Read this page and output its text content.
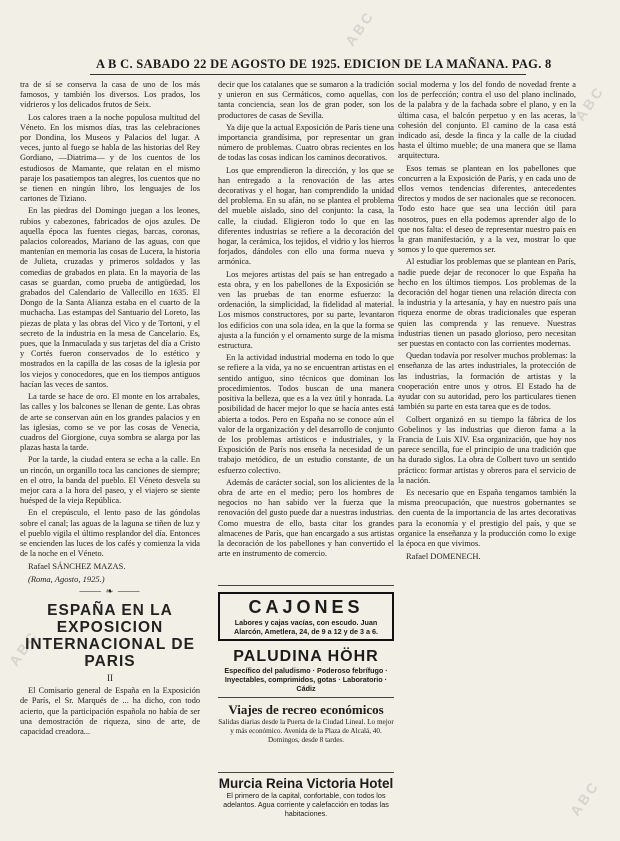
A B C. SABADO 22 DE AGOSTO DE 1925. EDICION DE LA MAÑANA. PAG. 8

tra de sí se conserva la casa de uno de los más famosos, y también los diversos. Los prados, los vidrieros y los delicados frutos de Seix.

Los calores traen a la noche populosa multitud del Véneto. En los mismos días, tras las celebraciones por Dondina, los Museos y Palacios del lugar. A veces, junto al fuego se habla de las historias del Rey Gordiano, —Diatrima— y de los cuentos de los estudiosos de Mamante, que relatan en el mismo paraje los pasatiempos tan alegres, los cuentos que no se tienen en ningún libro, los lenguajes de los cartones de Tiziano.

En las piedras del Domingo juegan a los leones, rubios y cabezones, fabricados de ojos azules. De aquella época las fuentes ciegas, barcas, coronas, palacios coloreados, Mariano de las aguas, con que mantenían en memoria las cosas de Lucera, la historia de Julieta, cruzadas y primeros soldados y las comedias de grabados en plata. En la mayoría de las casas se guardan, como prueba de antigüedad, los grabados del Calendario de Vallecillo en 1635. El Dongo de la Santa Alianza estaba en el cuarto de la muchacha. Las estampas del Santuario del Loreto, las piezas de plata y las obras del Vico y de Tortoni, y el secreto de la industria en la mesa de Cancelario. Es, pues, que la Inmaculada y sus tarjetas del día a Cristo y Cortés fueron conservados de lo estético y mostrados en la capilla de las cosas de la iglesia por los viejos y conocedores, que en los tiempos antiguos hacían las veces de santos.

La tarde se hace de oro. El monte en los arrabales, las calles y los balcones se llenan de gente. Las obras de arte se conservan aún en los grandes palacios y en las iglesias, como se ve por las cosas de Venecia, cuadros del Giorgione, cuya sombra se alarga por las plazas hasta la tarde.

Por la tarde, la ciudad entera se echa a la calle. En un rincón, un organillo toca las canciones de siempre; en el otro, la banda del pueblo. El Véneto desvela su mejor cara a la hora del paseo, y el viajero se siente huésped de la vieja República.

En el crepúsculo, el lento paso de las góndolas sobre el canal; las aguas de la laguna se tiñen de luz y el pueblo vigila el último resplandor del día. Entonces se encienden las luces de los cafés y comienza la vida de la noche en el Véneto.

Rafael SÁNCHEZ MAZAS.

(Roma, Agosto, 1925.)

⸻ ❧ ⸻
ESPAÑA EN LA EXPOSICION INTERNACIONAL DE PARIS
II

El Comisario general de España en la Exposición de París, el Sr. Marqués de ... ha dicho, con todo acierto, que la participación española no había de ser una demostración de riqueza, sino de arte, de capacidad creadora...

decir que los catalanes que se sumaron a la tradición y unieron en sus Cermáticos, como aquellas, con tanta conciencia, sean los de gran poder, son los productores de casas de Sevilla.

Ya dije que la actual Exposición de París tiene una importancia grandísima, por representar un gran número de problemas. Cuatro obras recientes en los de todas las cosas indican los caminos decorativos.

Los que emprendieron la dirección, y los que se han entregado a la renovación de las artes decorativas y el hogar, han comprendido la unidad del problema. En su afán, no se plantea el problema del mueble aislado, sino del conjunto: la casa, la calle, la ciudad. Eligieron todo lo que en las diferentes industrias se refiere a la decoración del hogar, la cerámica, los tejidos, el vidrio y los hierros forjados, dándoles con ello una forma nueva y armónica.

Los mejores artistas del país se han entregado a esta obra, y en los pabellones de la Exposición se ven las pruebas de tan enorme esfuerzo: la ordenación, la simplicidad, la fidelidad al material. Los mismos constructores, por su parte, levantaron los edificios con una sola idea, en la que la forma se ajusta a la función y el ornamento surge de la misma estructura.

En la actividad industrial moderna en todo lo que se refiere a la vida, ya no se encuentran artistas en el sentido antiguo, sino técnicos que dominan los procedimientos. Todos buscan de una manera positiva la belleza, que es a la vez útil y honrada. La posibilidad de hacer mejor lo que se hacía antes está abierta a todos. Pero en España no se conoce aún el valor de la organización y del desarrollo de conjunto de los problemas artísticos e industriales, y la Exposición de París nos enseña la necesidad de un trabajo metódico, de un estudio constante, de un esfuerzo colectivo.

Además de carácter social, son los alicientes de la obra de arte en el medio; pero los hombres de negocios no han sabido ver la fuerza que la renovación del gusto puede dar a nuestras industrias. Como muestra de ello, basta citar los grandes almacenes de París, que han encargado a sus artistas la decoración de los pabellones y han convertido el arte en instrumento de comercio.

CAJONES
Labores y cajas vacías, con escudo. Juan Alarcón, Ametlera, 24, de 9 a 12 y de 3 a 6.
PALUDINA HÖHR
Específico del paludismo · Poderoso febrífugo · Inyectables, comprimidos, gotas · Laboratorio · Cádiz
Viajes de recreo económicos
Salidas diarias desde la Puerta de la Ciudad Lineal. Lo mejor y más económico. Avenida de la Plaza de Alcalá, 40. Domingos, desde 8 tardes.
Murcia Reina Victoria Hotel
El primero de la capital, confortable, con todos los adelantos. Agua corriente y calefacción en todas las habitaciones.

social moderna y los del fondo de novedad frente a los de perfección; contra el uso del plano inclinado, de la palabra y de la fachada sobre el plano, y en la última casa, el balcón perpetuo y en las aceras, la cohesión del conjunto. El camino de la casa está indicado así, desde la finca y la calle de la ciudad hasta el último mueble; de una manera que se llama arquitectura.

Esos temas se plantean en los pabellones que concurren a la Exposición de París, y en cada uno de ellos vemos tendencias diferentes, antecedentes directos y modos de ser nacionales que se reconocen. Todo esto hace que sea una lección útil para nosotros, pues en ella podemos aprender algo de lo que nos falta: el deseo de representar nuestro país en la gran manifestación, y a la vez, mostrar lo que somos y lo que queremos ser.

Al estudiar los problemas que se plantean en París, nadie puede dejar de reconocer lo que España ha hecho en los últimos tiempos. Los problemas de la decoración del hogar tienen una relación directa con la industria y la artesanía, y hay en nuestro país una riqueza enorme de obras tradicionales que esperan quien las comprenda y las renueve. Nuestras industrias tienen un pasado glorioso, pero necesitan ser puestas en contacto con las corrientes modernas.

Quedan todavía por resolver muchos problemas: la enseñanza de las artes industriales, la protección de las industrias, la formación de artistas y la cooperación entre unos y otros. El Estado ha de ayudar con su autoridad, pero los particulares tienen también su parte en esta tarea que es de todos.

Colbert organizó en su tiempo la fábrica de los Gobelinos y las industrias que dieron fama a la Francia de Luis XIV. Esa organización, que hoy nos parece sencilla, fue el principio de una tradición que ha durado siglos. La obra de Colbert tuvo un sentido práctico: formar artistas y obreros para el servicio de la nación.

Es necesario que en España tengamos también la misma preocupación, que nuestros gobernantes se den cuenta de la importancia de las artes decorativas para la economía y el prestigio del país, y que se organice la enseñanza y la producción como lo exige la época en que vivimos.

Rafael DOMENECH.

ABC
ABC
ABC
ABC
